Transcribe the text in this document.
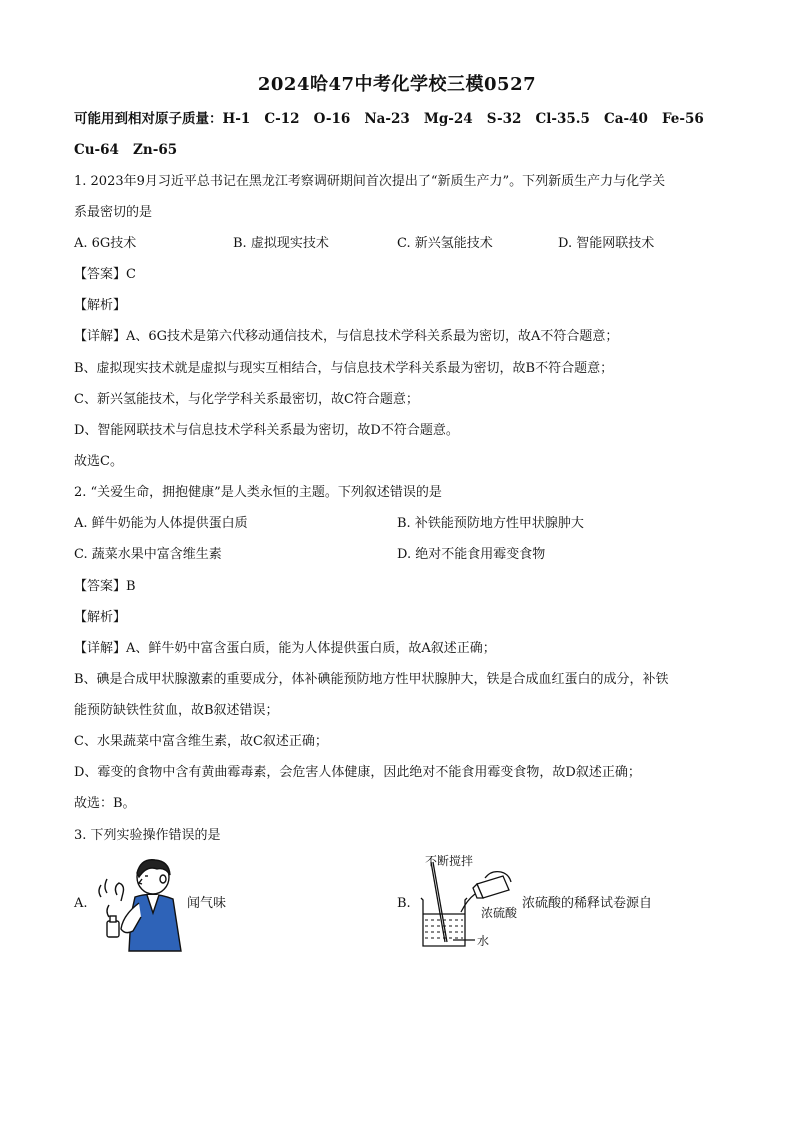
2024哈47中考化学校三模0527
可能用到相对原子质量：H-1   C-12   O-16   Na-23   Mg-24   S-32   Cl-35.5   Ca-40   Fe-56
Cu-64   Zn-65
1. 2023年9月习近平总书记在黑龙江考察调研期间首次提出了“新质生产力”。下列新质生产力与化学关
系最密切的是
A. 6G技术	B. 虚拟现实技术	C. 新兴氢能技术	D. 智能网联技术
【答案】C
【解析】
【详解】A、6G技术是第六代移动通信技术，与信息技术学科关系最为密切，故A不符合题意；
B、虚拟现实技术就是虚拟与现实互相结合，与信息技术学科关系最为密切，故B不符合题意；
C、新兴氢能技术，与化学学科关系最密切，故C符合题意；
D、智能网联技术与信息技术学科关系最为密切，故D不符合题意。
故选C。
2. “关爱生命，拥抱健康”是人类永恒的主题。下列叙述错误的是
A. 鲜牛奶能为人体提供蛋白质	B. 补铁能预防地方性甲状腺肿大
C. 蔬菜水果中富含维生素	D. 绝对不能食用霉变食物
【答案】B
【解析】
【详解】A、鲜牛奶中富含蛋白质，能为人体提供蛋白质，故A叙述正确；
B、碘是合成甲状腺激素的重要成分，体补碘能预防地方性甲状腺肿大，铁是合成血红蛋白的成分，补铁
能预防缺铁性贫血，故B叙述错误；
C、水果蔬菜中富含维生素，故C叙述正确；
D、霉变的食物中含有黄曲霉毒素，会危害人体健康，因此绝对不能食用霉变食物，故D叙述正确；
故选：B。
3. 下列实验操作错误的是
A.	闻气味	B.
不断搅拌
浓硫酸
水
浓硫酸的稀释试卷源自
